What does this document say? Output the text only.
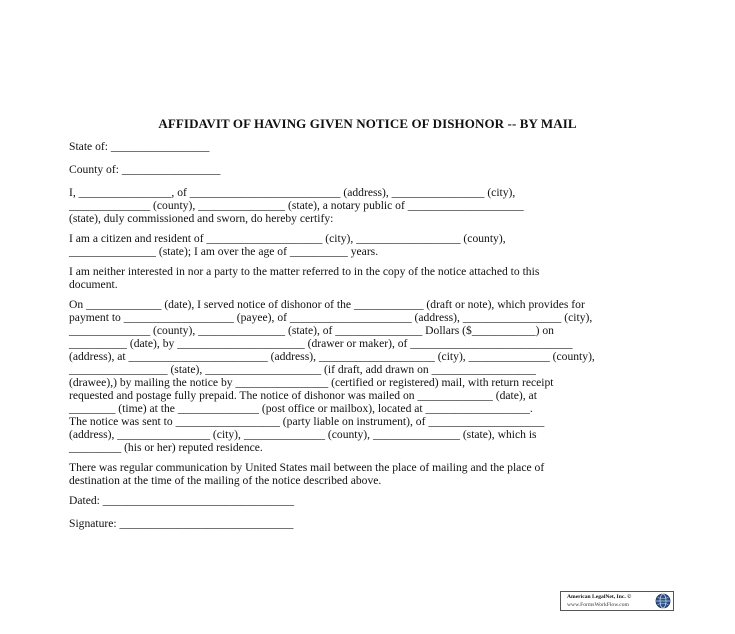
AFFIDAVIT OF HAVING GIVEN NOTICE OF DISHONOR -- BY MAIL
State of: _________________
County of: _________________
I, ________________, of __________________________ (address), ________________ (city),
______________ (county), _______________ (state), a notary public of ____________________
(state), duly commissioned and sworn, do hereby certify:
I am a citizen and resident of ____________________ (city), __________________ (county),
_______________ (state); I am over the age of __________ years.
I am neither interested in nor a party to the matter referred to in the copy of the notice attached to this
document.
On _____________ (date), I served notice of dishonor of the ____________ (draft or note), which provides for
payment to ___________________ (payee), of _____________________ (address), _________________ (city),
______________ (county), _______________ (state), of _______________ Dollars ($___________) on
__________ (date), by ______________________ (drawer or maker), of ____________________________
(address), at ________________________ (address), ____________________ (city), ______________ (county),
_________________ (state), ____________________ (if draft, add drawn on __________________
(drawee),) by mailing the notice by ________________ (certified or registered) mail, with return receipt
requested and postage fully prepaid. The notice of dishonor was mailed on _____________ (date), at
________ (time) at the ______________ (post office or mailbox), located at __________________.
The notice was sent to __________________ (party liable on instrument), of ____________________
(address), ________________ (city), ______________ (county), _______________ (state), which is
_________ (his or her) reputed residence.
There was regular communication by United States mail between the place of mailing and the place of
destination at the time of the mailing of the notice described above.
Dated: _________________________________
Signature: ______________________________
American LegalNet, Inc. ©
www.FormsWorkFlow.com
